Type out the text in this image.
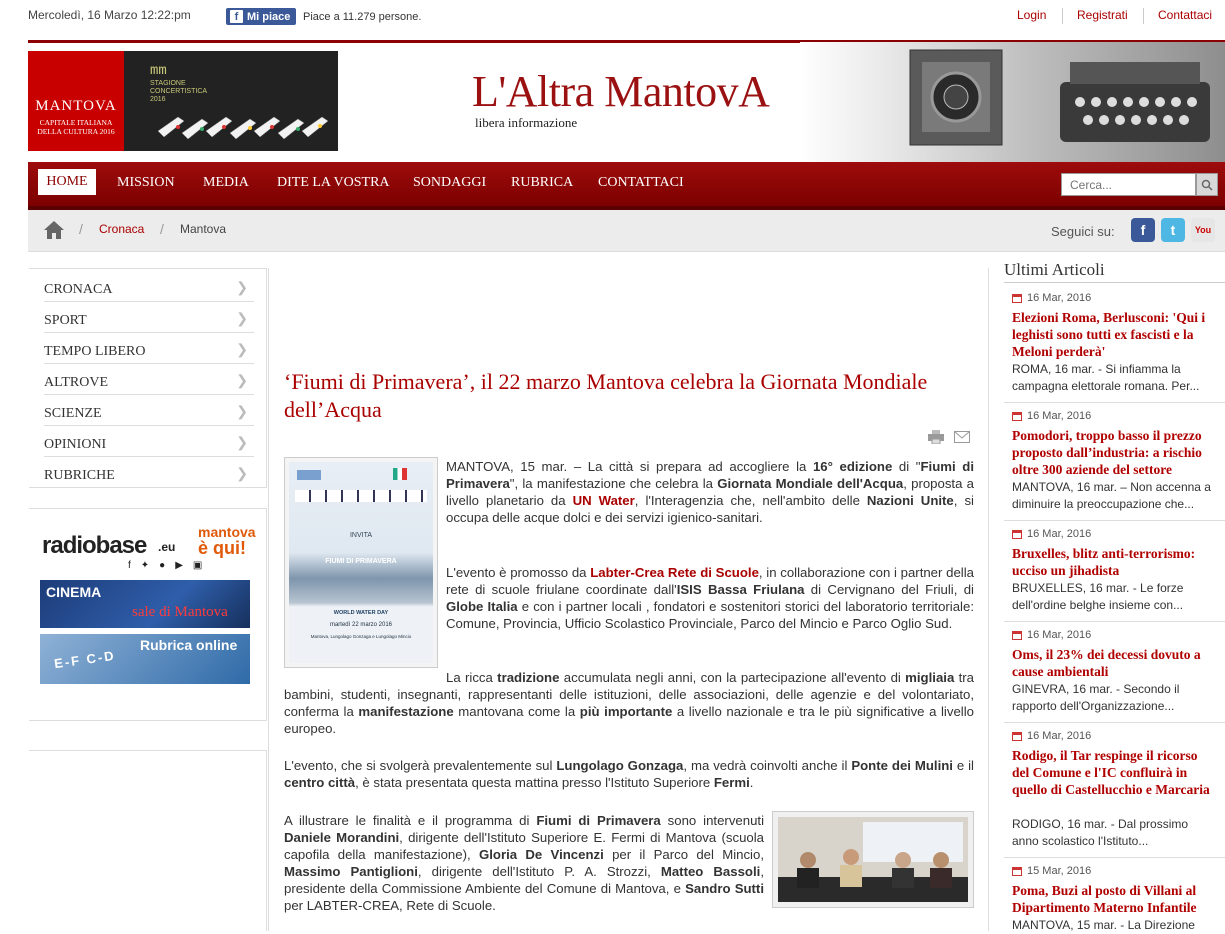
Mercoledì, 16 Marzo 12:22:pm	f Mi piace Piace a 11.279 persone.	Login	Registrati	Contattaci
MANTOVA
CAPITALE ITALIANA DELLA CULTURA 2016
mm
STAGIONE CONCERTISTICA 2016	L'Altra MantovA
libera informazione
HOME	MISSION MEDIA DITE LA VOSTRA SONDAGGI RUBRICA CONTATTACI
Cerca...
/ Cronaca / Mantova	Seguici su:	f	t	You
CRONACA	❯
SPORT	❯
TEMPO LIBERO	❯
ALTROVE	❯
SCIENZE	❯
OPINIONI	❯
RUBRICHE	❯
radiobase .eu
mantova
è qui!
f✦●▶▣
CINEMA
sale di Mantova
E-F C-D
Rubrica online
‘Fiumi di Primavera’, il 22 marzo Mantova celebra la Giornata Mondiale dell’Acqua
INVITA
FIUMI DI PRIMAVERA
WORLD WATER DAY
martedì 22 marzo 2016
Mantova, Lungolago Gonzaga e Lungolago Mincio

MANTOVA, 15 mar. – La città si prepara ad accogliere la 16° edizione di "Fiumi di Primavera", la manifestazione che celebra la Giornata Mondiale dell'Acqua, proposta a livello planetario da UN Water, l'Interagenzia che, nell'ambito delle Nazioni Unite, si occupa delle acque dolci e dei servizi igienico-sanitari.

L'evento è promosso da Labter-Crea Rete di Scuole, in collaborazione con i partner della rete di scuole friulane coordinate dall'ISIS Bassa Friulana di Cervignano del Friuli, di Globe Italia e con i partner locali , fondatori e sostenitori storici del laboratorio territoriale: Comune, Provincia, Ufficio Scolastico Provinciale, Parco del Mincio e Parco Oglio Sud.

La ricca tradizione accumulata negli anni, con la partecipazione all'evento di migliaia tra bambini, studenti, insegnanti, rappresentanti delle istituzioni, delle associazioni, delle agenzie e del volontariato, conferma la manifestazione mantovana come la più importante a livello nazionale e tra le più significative a livello europeo.

L'evento, che si svolgerà prevalentemente sul Lungolago Gonzaga, ma vedrà coinvolti anche il Ponte dei Mulini e il centro città, è stata presentata questa mattina presso l'Istituto Superiore Fermi.

A illustrare le finalità e il programma di Fiumi di Primavera sono intervenuti Daniele Morandini, dirigente dell'Istituto Superiore E. Fermi di Mantova (scuola capofila della manifestazione), Gloria De Vincenzi per il Parco del Mincio, Massimo Pantiglioni, dirigente dell'Istituto P. A. Strozzi, Matteo Bassoli, presidente della Commissione Ambiente del Comune di Mantova, e Sandro Sutti per LABTER-CREA, Rete di Scuole.

Ultimi Articoli
16 Mar, 2016
Elezioni Roma, Berlusconi: 'Qui i leghisti sono tutti ex fascisti e la Meloni perderà'
ROMA, 16 mar. - Si infiamma la campagna elettorale romana. Per...
16 Mar, 2016
Pomodori, troppo basso il prezzo proposto dall’industria: a rischio oltre 300 aziende del settore
MANTOVA, 16 mar. – Non accenna a diminuire la preoccupazione che...
16 Mar, 2016
Bruxelles, blitz anti-terrorismo: ucciso un jihadista
BRUXELLES, 16 mar. - Le forze dell'ordine belghe insieme con...
16 Mar, 2016
Oms, il 23% dei decessi dovuto a cause ambientali
GINEVRA, 16 mar. - Secondo il rapporto dell'Organizzazione...
16 Mar, 2016
Rodigo, il Tar respinge il ricorso del Comune e l'IC confluirà in quello di Castellucchio e Marcaria
RODIGO, 16 mar. - Dal prossimo anno scolastico l'Istituto...
15 Mar, 2016
Poma, Buzi al posto di Villani al Dipartimento Materno Infantile
MANTOVA, 15 mar. - La Direzione
